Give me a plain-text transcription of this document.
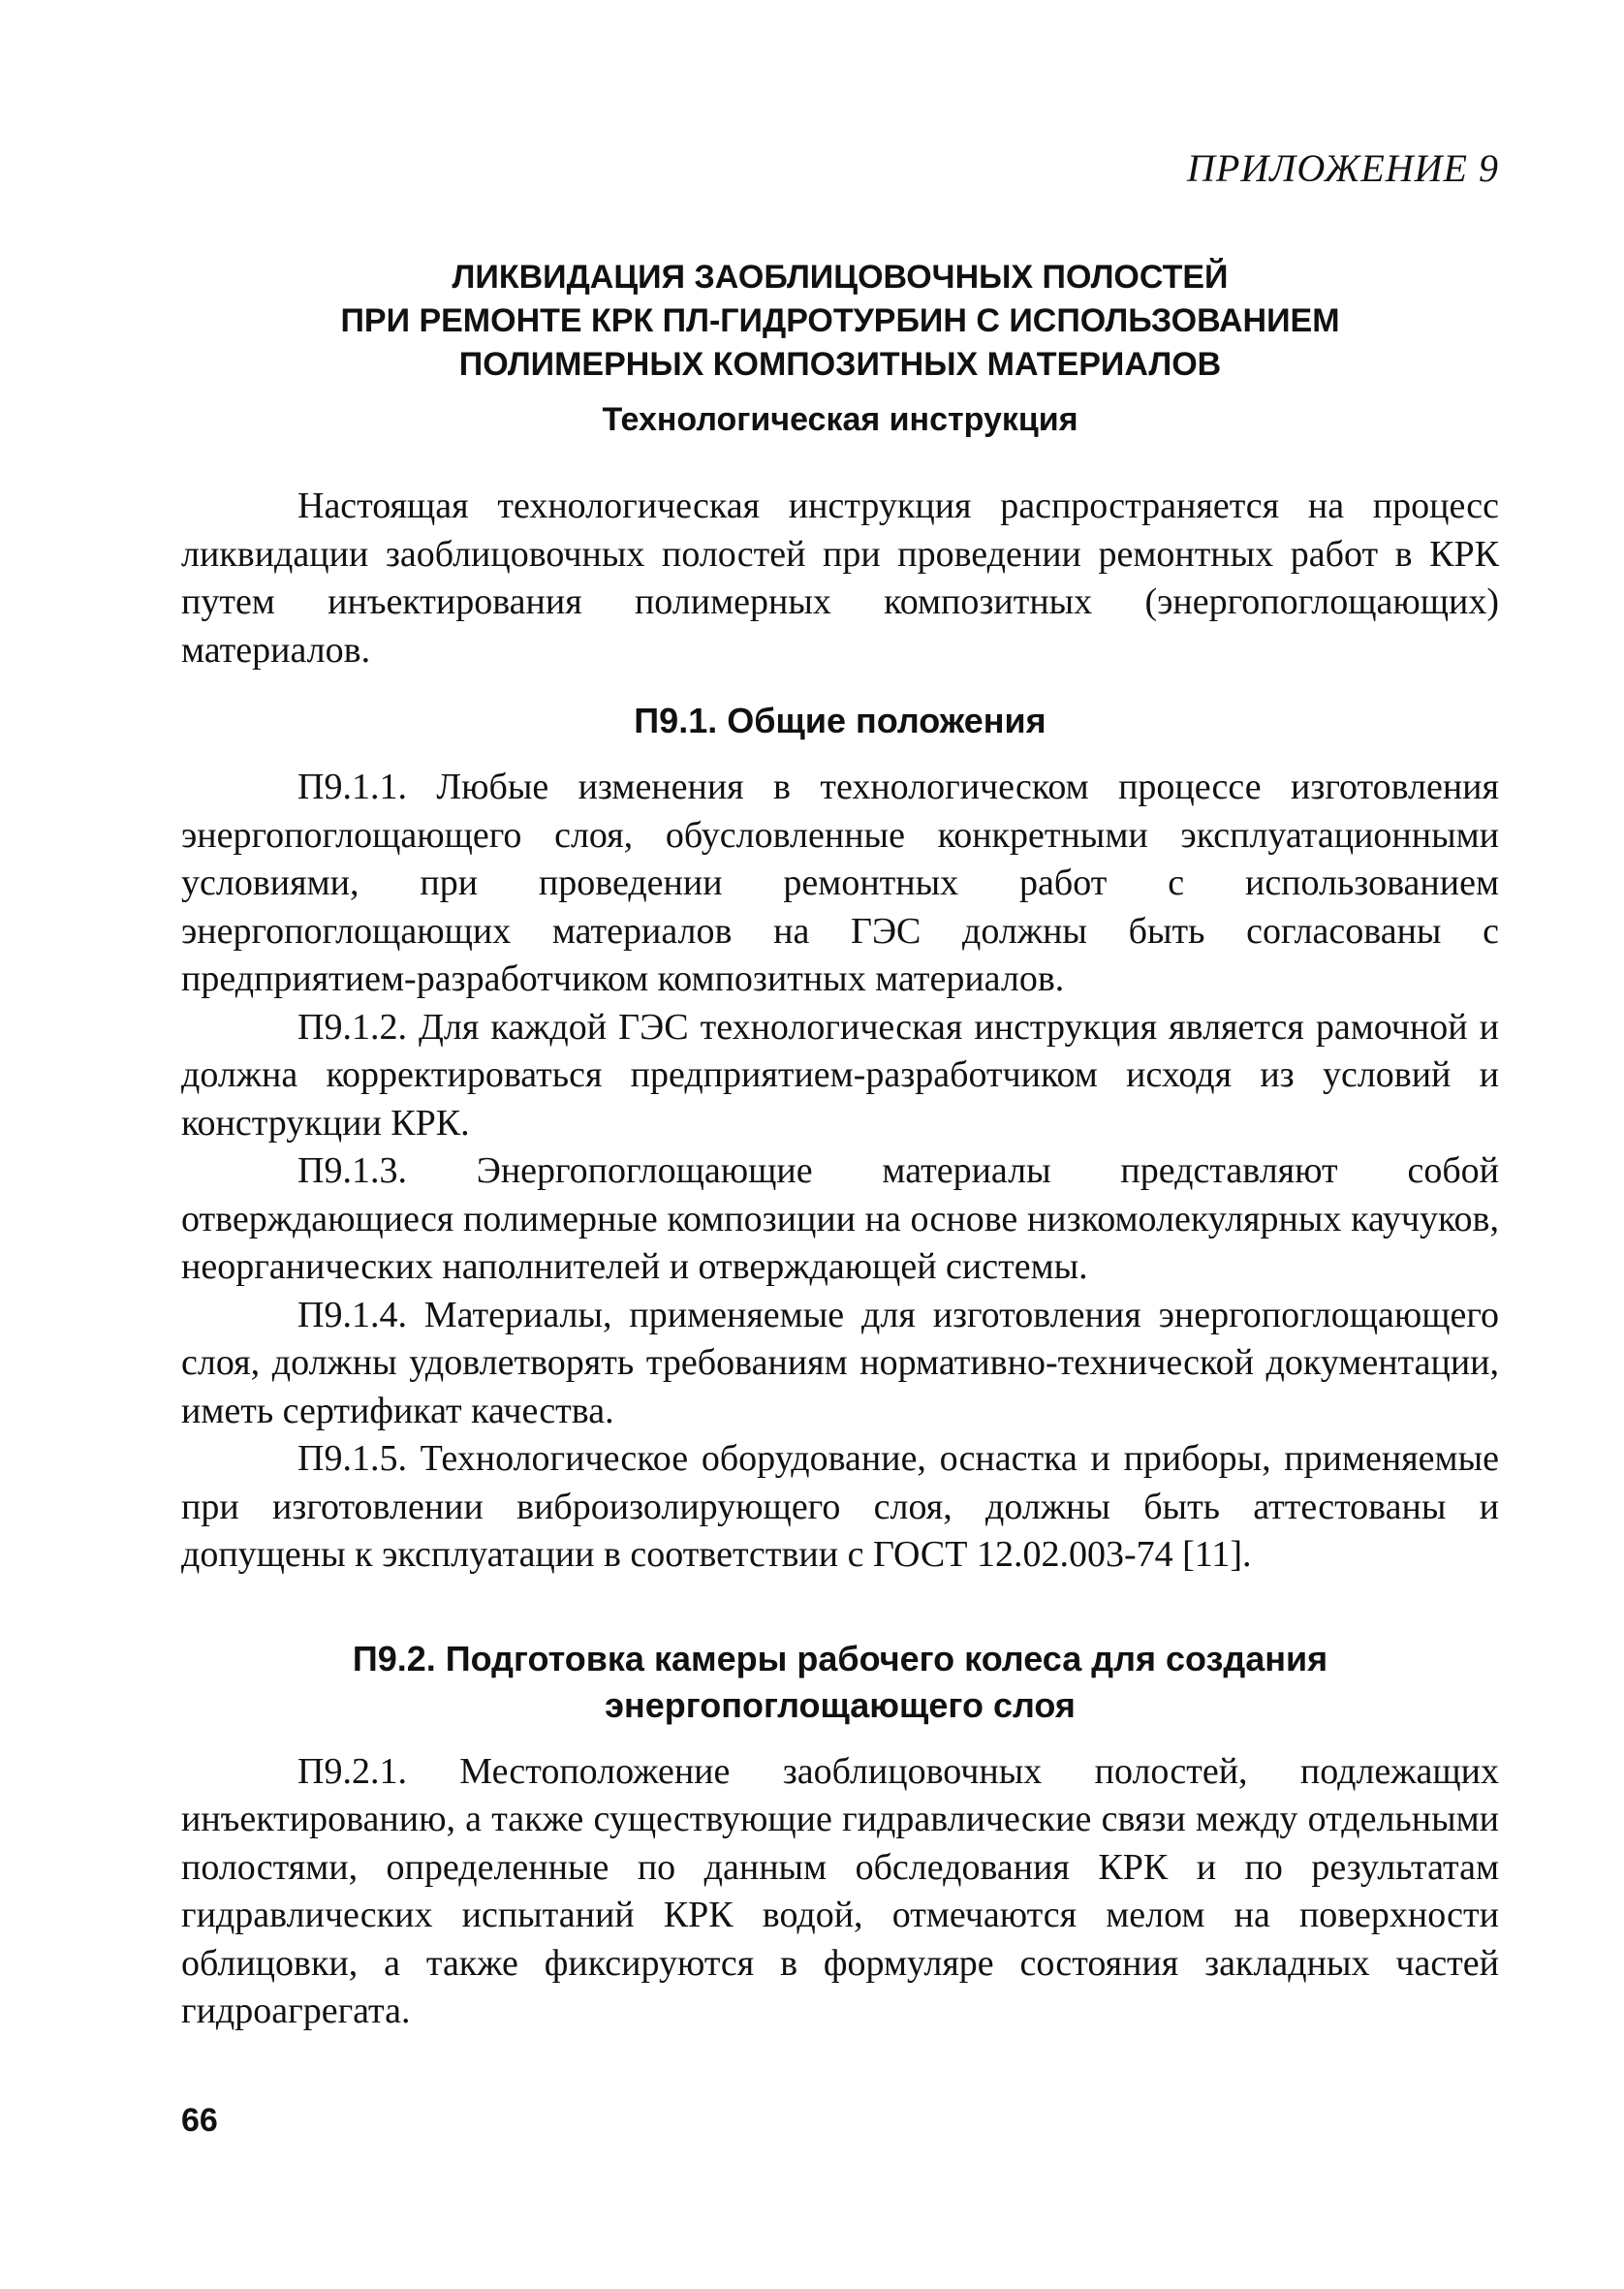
ПРИЛОЖЕНИЕ 9
ЛИКВИДАЦИЯ ЗАОБЛИЦОВОЧНЫХ ПОЛОСТЕЙ
ПРИ РЕМОНТЕ КРК ПЛ-ГИДРОТУРБИН С ИСПОЛЬЗОВАНИЕМ
ПОЛИМЕРНЫХ КОМПОЗИТНЫХ МАТЕРИАЛОВ
Технологическая инструкция

Настоящая технологическая инструкция распространяется на процесс ликвидации заоблицовочных полостей при проведении ремонтных работ в КРК путем инъектирования полимерных композитных (энергопоглощающих) материалов.

П9.1. Общие положения

П9.1.1. Любые изменения в технологическом процессе изготовления энергопоглощающего слоя, обусловленные конкретными эксплуатационными условиями, при проведении ремонтных работ с использованием энергопоглощающих материалов на ГЭС должны быть согласованы с предприятием-разработчиком композитных материалов.

П9.1.2. Для каждой ГЭС технологическая инструкция является рамочной и должна корректироваться предприятием-разработчиком исходя из условий и конструкции КРК.

П9.1.3. Энергопоглощающие материалы представляют собой отверждающиеся полимерные композиции на основе низкомолекулярных каучуков, неорганических наполнителей и отверждающей системы.

П9.1.4. Материалы, применяемые для изготовления энергопоглощающего слоя, должны удовлетворять требованиям нормативно-технической документации, иметь сертификат качества.

П9.1.5. Технологическое оборудование, оснастка и приборы, применяемые при изготовлении виброизолирующего слоя, должны быть аттестованы и допущены к эксплуатации в соответствии с ГОСТ 12.02.003-74 [11].

П9.2. Подготовка камеры рабочего колеса для создания
энергопоглощающего слоя

П9.2.1. Местоположение заоблицовочных полостей, подлежащих инъектированию, а также существующие гидравлические связи между отдельными полостями, определенные по данным обследования КРК и по результатам гидравлических испытаний КРК водой, отмечаются мелом на поверхности облицовки, а также фиксируются в формуляре состояния закладных частей гидроагрегата.

66
